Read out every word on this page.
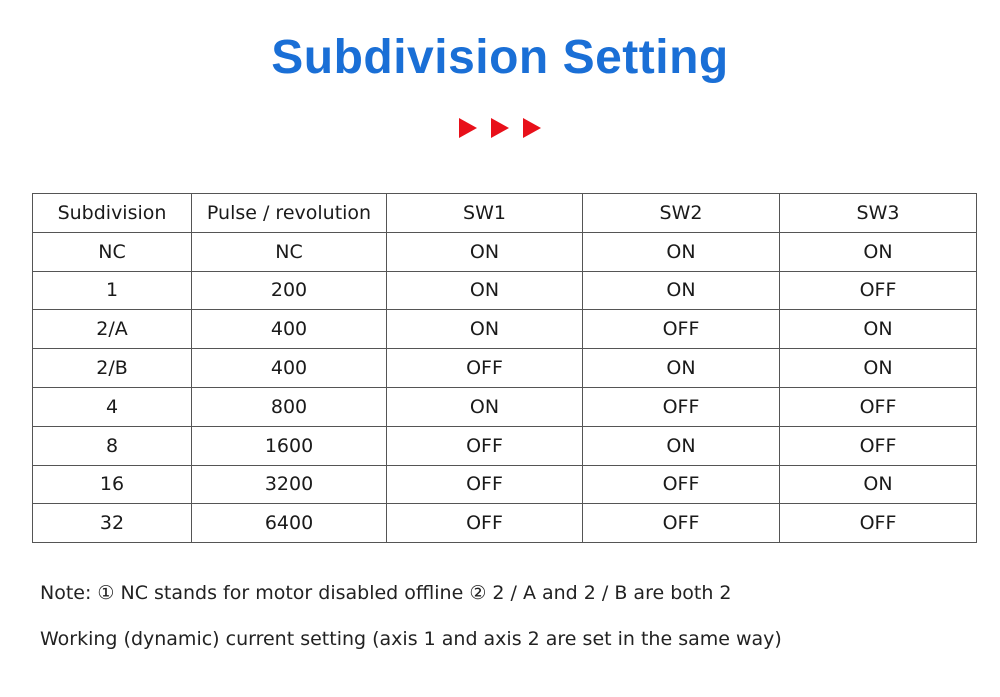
Subdivision Setting
Subdivision	Pulse / revolution	SW1	SW2	SW3
NC	NC	ON	ON	ON
1	200	ON	ON	OFF
2/A	400	ON	OFF	ON
2/B	400	OFF	ON	ON
4	800	ON	OFF	OFF
8	1600	OFF	ON	OFF
16	3200	OFF	OFF	ON
32	6400	OFF	OFF	OFF
Note: ① NC stands for motor disabled offline ② 2 / A and 2 / B are both 2
Working (dynamic) current setting (axis 1 and axis 2 are set in the same way)
